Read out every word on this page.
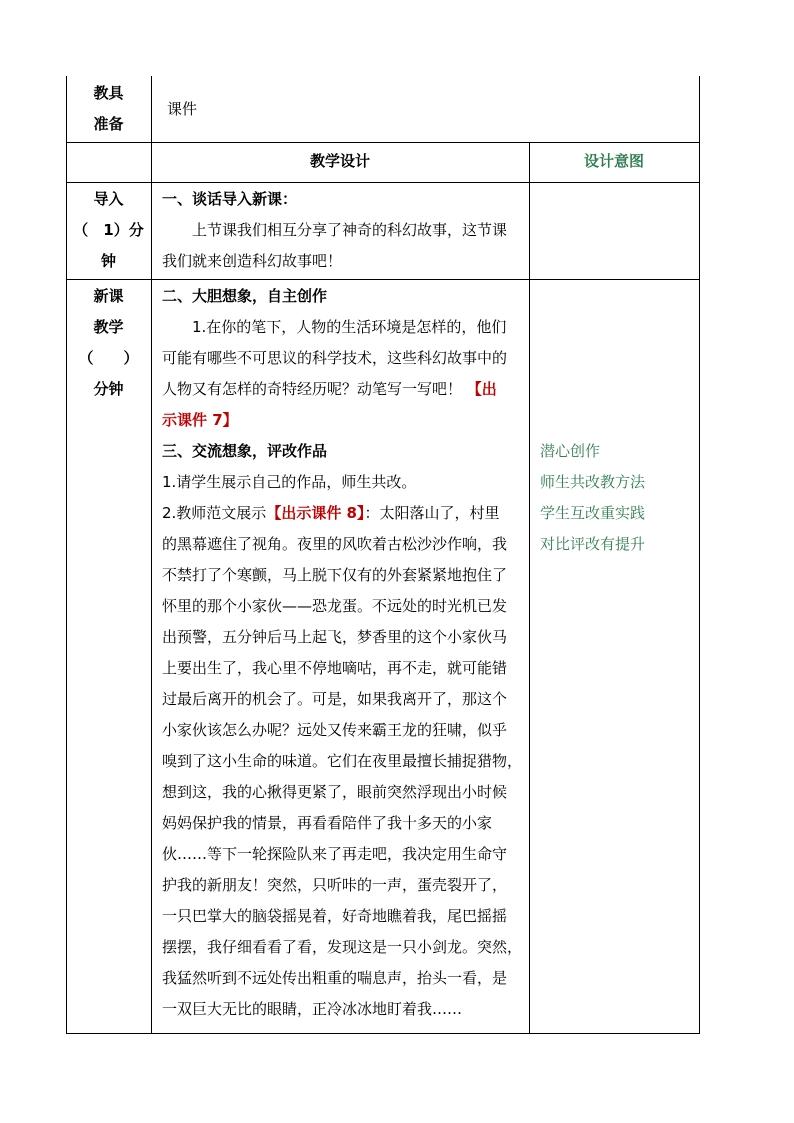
教具
准备
课件
教学设计	设计意图
导入
（　1）分
钟
一、谈话导入新课：
上节课我们相互分享了神奇的科幻故事，这节课
我们就来创造科幻故事吧！
新课
教学
（　　）
分钟
二、大胆想象，自主创作
1.在你的笔下，人物的生活环境是怎样的，他们
可能有哪些不可思议的科学技术，这些科幻故事中的
人物又有怎样的奇特经历呢？动笔写一写吧！ 【出
示课件 7】
三、交流想象，评改作品
1.请学生展示自己的作品，师生共改。
2.教师范文展示【出示课件 8】：太阳落山了，村里
的黑幕遮住了视角。夜里的风吹着古松沙沙作响，我
不禁打了个寒颤，马上脱下仅有的外套紧紧地抱住了
怀里的那个小家伙——恐龙蛋。不远处的时光机已发
出预警，五分钟后马上起飞，梦香里的这个小家伙马
上要出生了，我心里不停地嘀咕，再不走，就可能错
过最后离开的机会了。可是，如果我离开了，那这个
小家伙该怎么办呢？远处又传来霸王龙的狂啸，似乎
嗅到了这小生命的味道。它们在夜里最擅长捕捉猎物，
想到这，我的心揪得更紧了，眼前突然浮现出小时候
妈妈保护我的情景，再看看陪伴了我十多天的小家
伙……等下一轮探险队来了再走吧，我决定用生命守
护我的新朋友！突然，只听咔的一声，蛋壳裂开了，
一只巴掌大的脑袋摇晃着，好奇地瞧着我，尾巴摇摇
摆摆，我仔细看看了看，发现这是一只小剑龙。突然，
我猛然听到不远处传出粗重的喘息声，抬头一看，是
一双巨大无比的眼睛，正冷冰冰地盯着我……
潜心创作
师生共改教方法
学生互改重实践
对比评改有提升
